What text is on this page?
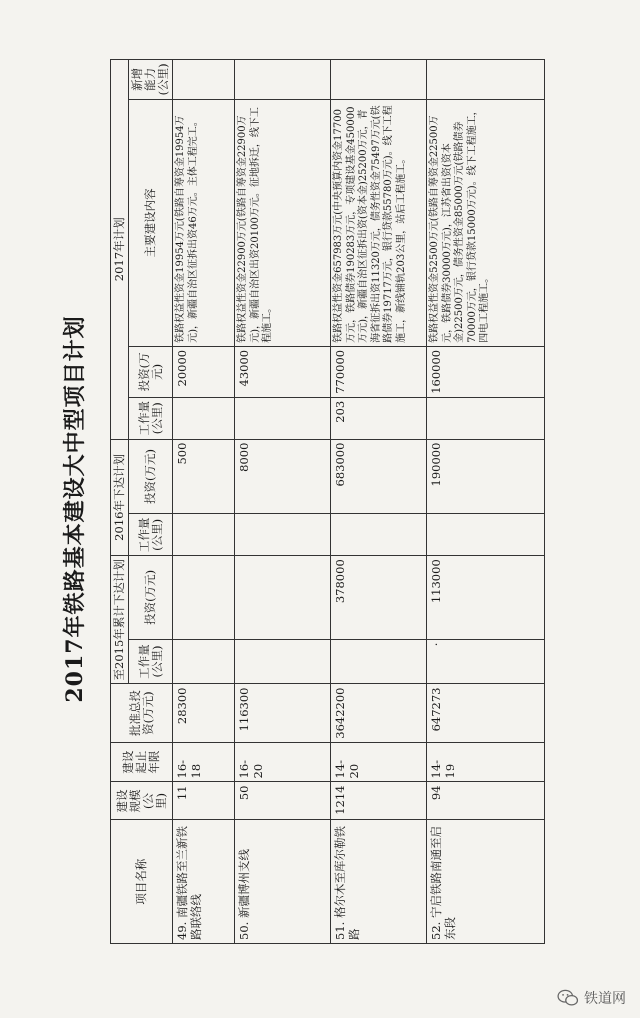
2017年铁路基本建设大中型项目计划
项目名称	建设规模(公里)	建设起止年限	批准总投资(万元)	至2015年累计下达计划		2016年下达计划		2017年计划			
				工作量(公里)	投资(万元)	工作量(公里)	投资(万元)	工作量(公里)	投资(万元)	主要建设内容	新增能力(公里)
49. 南疆铁路至兰新铁路联络线	11	16-18	28300				500		20000	铁路权益性资金19954万元(铁路自筹资金19954万元)，新疆自治区征拆出资46万元。主体工程完工。	
50. 新疆博州支线	50	16-20	116300				8000		43000	铁路权益性资金22900万元(铁路自筹资金22900万元)，新疆自治区出资20100万元。征地拆迁，线下工程施工。	
51. 格尔木至库尔勒铁路	1214	14-20	3642200		378000		683000	203	770000	铁路权益性资金657983万元(中央预算内资金17700万元，铁路债券190283万元，专项建设基金450000万元)，新疆自治区征拆出资(资本金)25200万元，青海省征拆出资11320万元，债务性资金75497万元(铁路债券19717万元，银行贷款55780万元)。线下工程施工，新线铺轨203公里，站后工程施工。	
52. 宁启铁路南通至启东段	94	14-19	647273	·	113000		190000		160000	铁路权益性资金52500万元(铁路自筹资金22500万元，铁路债券30000万元)，江苏省出资(资本金)22500万元，债务性资金85000万元(铁路债券70000万元，银行贷款15000万元)。线下工程施工，四电工程施工。	
铁道网
